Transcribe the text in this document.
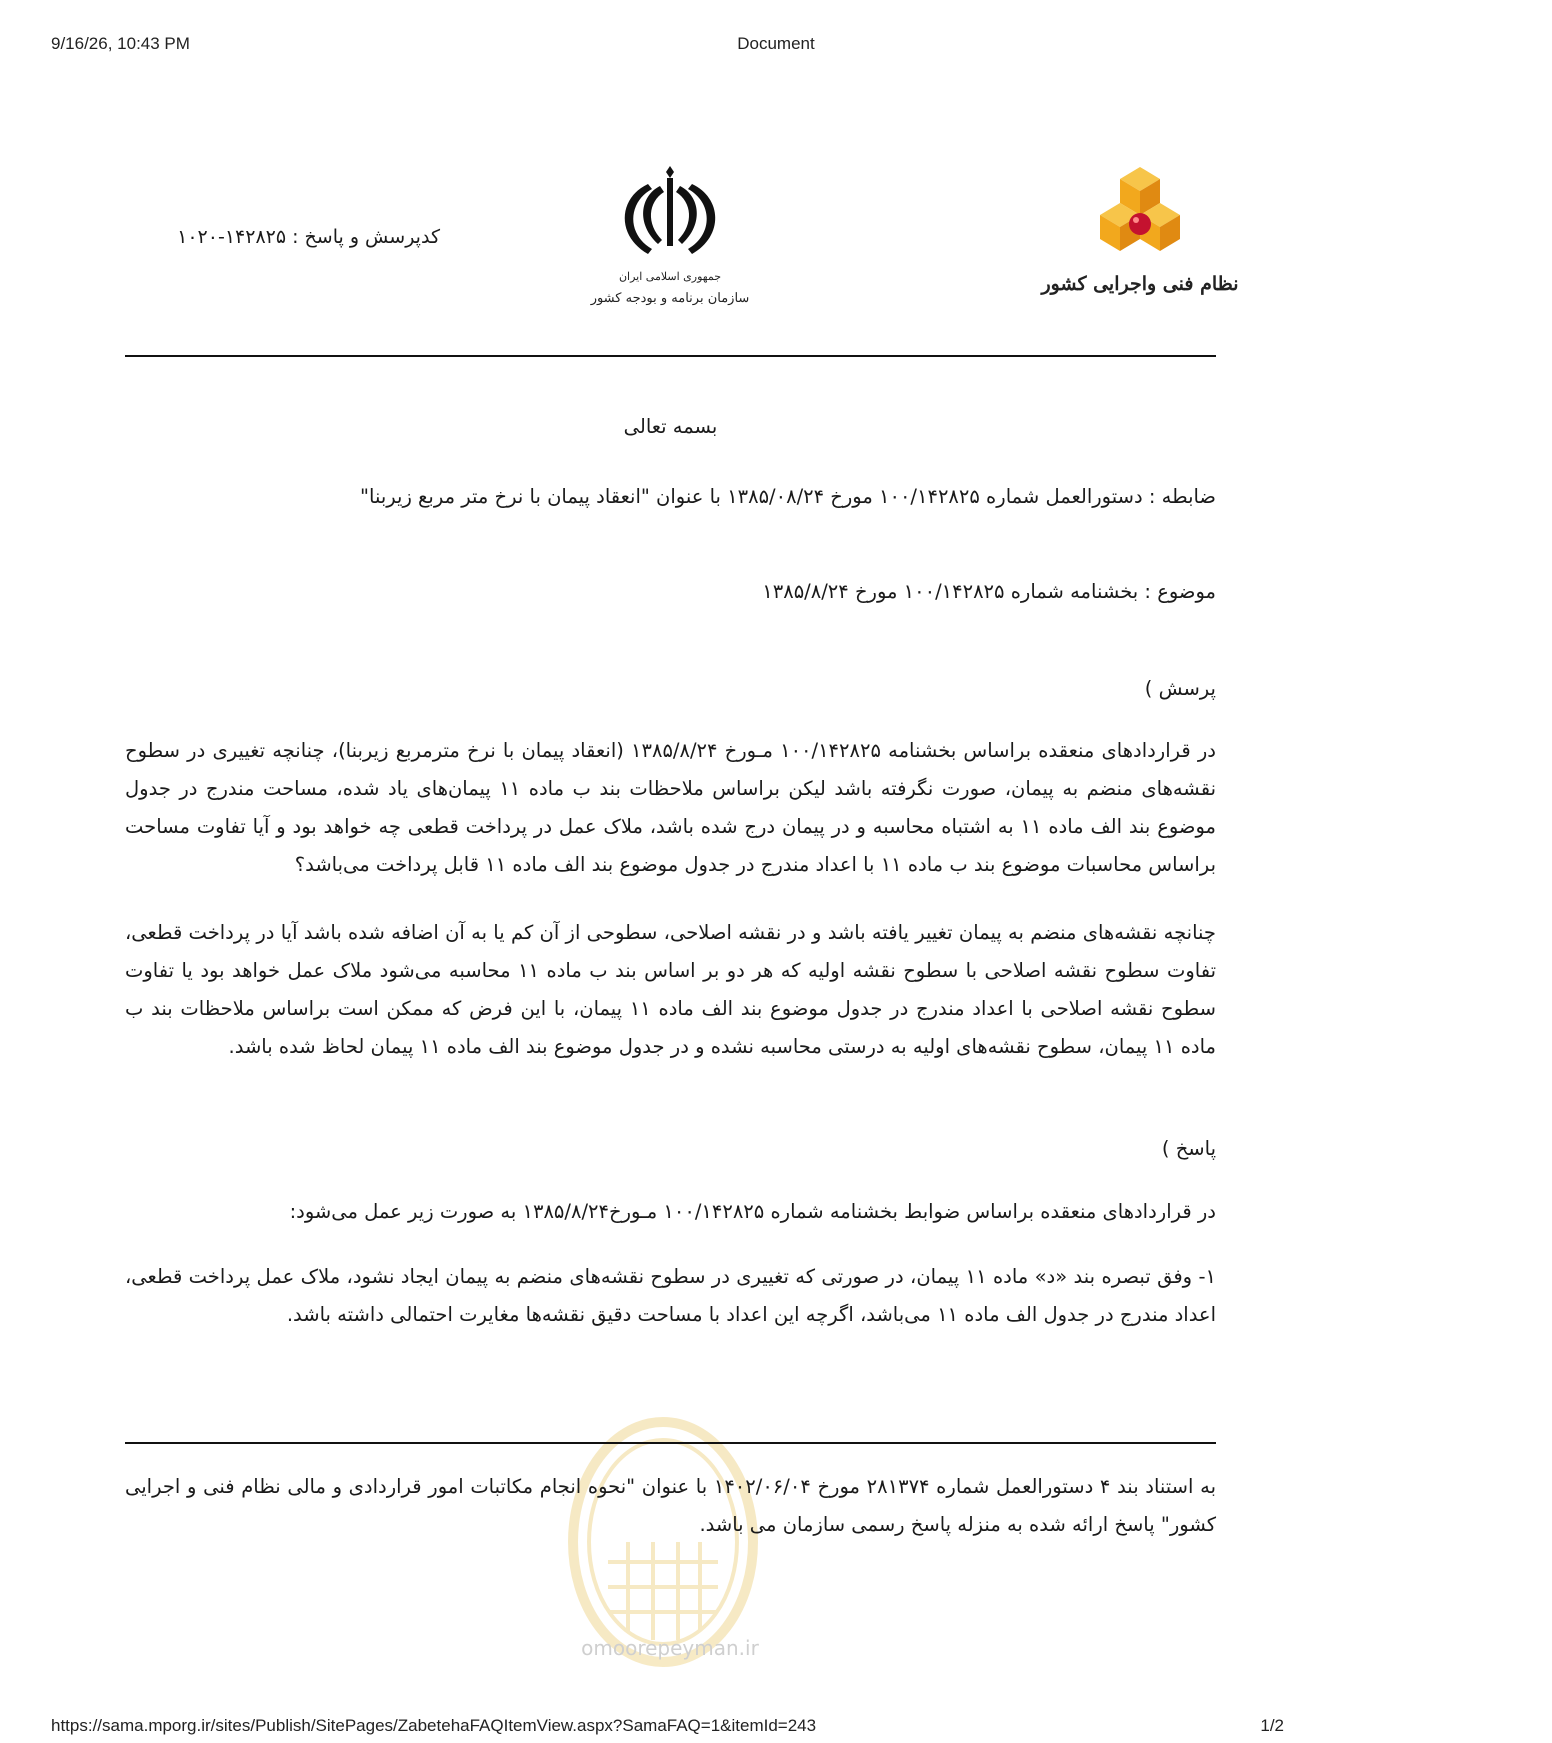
9/16/26, 10:43 PM	Document
نظام فنی واجرایی کشور
جمهوری اسلامی ایران
سازمان برنامه و بودجه کشور
کدپرسش و پاسخ : ۱۴۲۸۲۵-۱۰۲۰
بسمه تعالی
ضابطه : دستورالعمل شماره ۱۰۰/۱۴۲۸۲۵ مورخ ۱۳۸۵/۰۸/۲۴ با عنوان "انعقاد پیمان با نرخ متر مربع زیربنا"
موضوع : بخشنامه شماره ۱۰۰/۱۴۲۸۲۵ مورخ ۱۳۸۵/۸/۲۴
پرسش )
در قراردادهای منعقده براساس بخشنامه ۱۰۰/۱۴۲۸۲۵ مـورخ ۱۳۸۵/۸/۲۴ (انعقاد پیمان با نرخ مترمربع زیربنا)، چنانچه تغییری در سطوح نقشه‌های منضم به پیمان، صورت نگرفته باشد لیکن براساس ملاحظات بند ب ماده ۱۱ پیمان‌های یاد شده، مساحت مندرج در جدول موضوع بند الف ماده ۱۱ به اشتباه محاسبه و در پیمان درج شده باشد، ملاک عمل در پرداخت قطعی چه خواهد بود و آیا تفاوت مساحت براساس محاسبات موضوع بند ب ماده ۱۱ با اعداد مندرج در جدول موضوع بند الف ماده ۱۱ قابل پرداخت می‌باشد؟
چنانچه نقشه‌های منضم به پیمان تغییر یافته باشد و در نقشه اصلاحی، سطوحی از آن کم یا به آن اضافه شده باشد آیا در پرداخت قطعی، تفاوت سطوح نقشه اصلاحی با سطوح نقشه اولیه که هر دو بر اساس بند ب ماده ۱۱ محاسبه می‌شود ملاک عمل خواهد بود یا تفاوت سطوح نقشه اصلاحی با اعداد مندرج در جدول موضوع بند الف ماده ۱۱ پیمان، با این فرض که ممکن است براساس ملاحظات بند ب ماده ۱۱ پیمان، سطوح نقشه‌های اولیه به درستی محاسبه نشده و در جدول موضوع بند الف ماده ۱۱ پیمان لحاظ شده باشد.
پاسخ )
در قراردادهای منعقده براساس ضوابط بخشنامه شماره ۱۰۰/۱۴۲۸۲۵ مـورخ۱۳۸۵/۸/۲۴ به صورت زیر عمل می‌شود:
۱- وفق تبصره بند «د» ماده ۱۱ پیمان، در صورتی که تغییری در سطوح نقشه‌های منضم به پیمان ایجاد نشود، ملاک عمل پرداخت قطعی، اعداد مندرج در جدول الف ماده ۱۱ می‌باشد، اگرچه این اعداد با مساحت دقیق نقشه‌ها مغایرت احتمالی داشته باشد.
به استناد بند ۴ دستورالعمل شماره ۲۸۱۳۷۴ مورخ ۱۴۰۲/۰۶/۰۴ با عنوان "نحوه انجام مکاتبات امور قراردادی و مالی نظام فنی و اجرایی کشور" پاسخ ارائه شده به منزله پاسخ رسمی سازمان می باشد.
omoorepeyman.ir
https://sama.mporg.ir/sites/Publish/SitePages/ZabetehaFAQItemView.aspx?SamaFAQ=1&itemId=243	1/2
